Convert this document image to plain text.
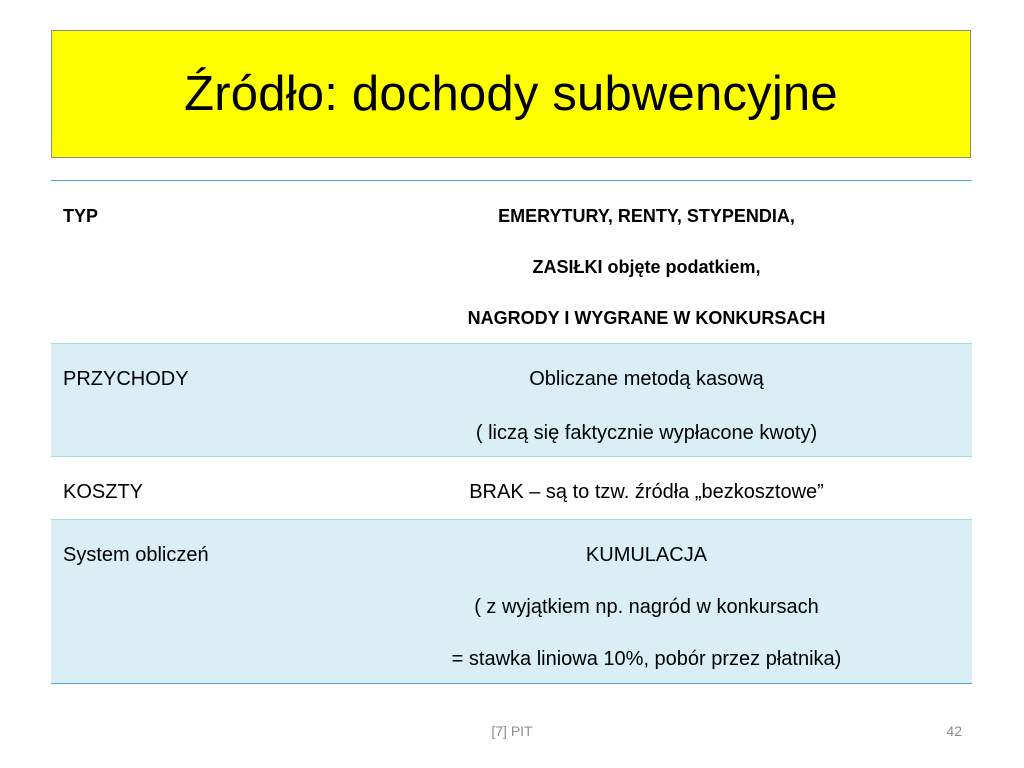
Źródło: dochody subwencyjne
TYP	EMERYTURY, RENTY, STYPENDIA,
ZASIŁKI objęte podatkiem,
NAGRODY I WYGRANE W KONKURSACH
PRZYCHODY	Obliczane metodą kasową
( liczą się faktycznie wypłacone kwoty)
KOSZTY	BRAK – są to tzw. źródła „bezkosztowe”
System obliczeń	KUMULACJA
( z wyjątkiem np. nagród w konkursach
= stawka liniowa 10%, pobór przez płatnika)
[7] PIT	42
